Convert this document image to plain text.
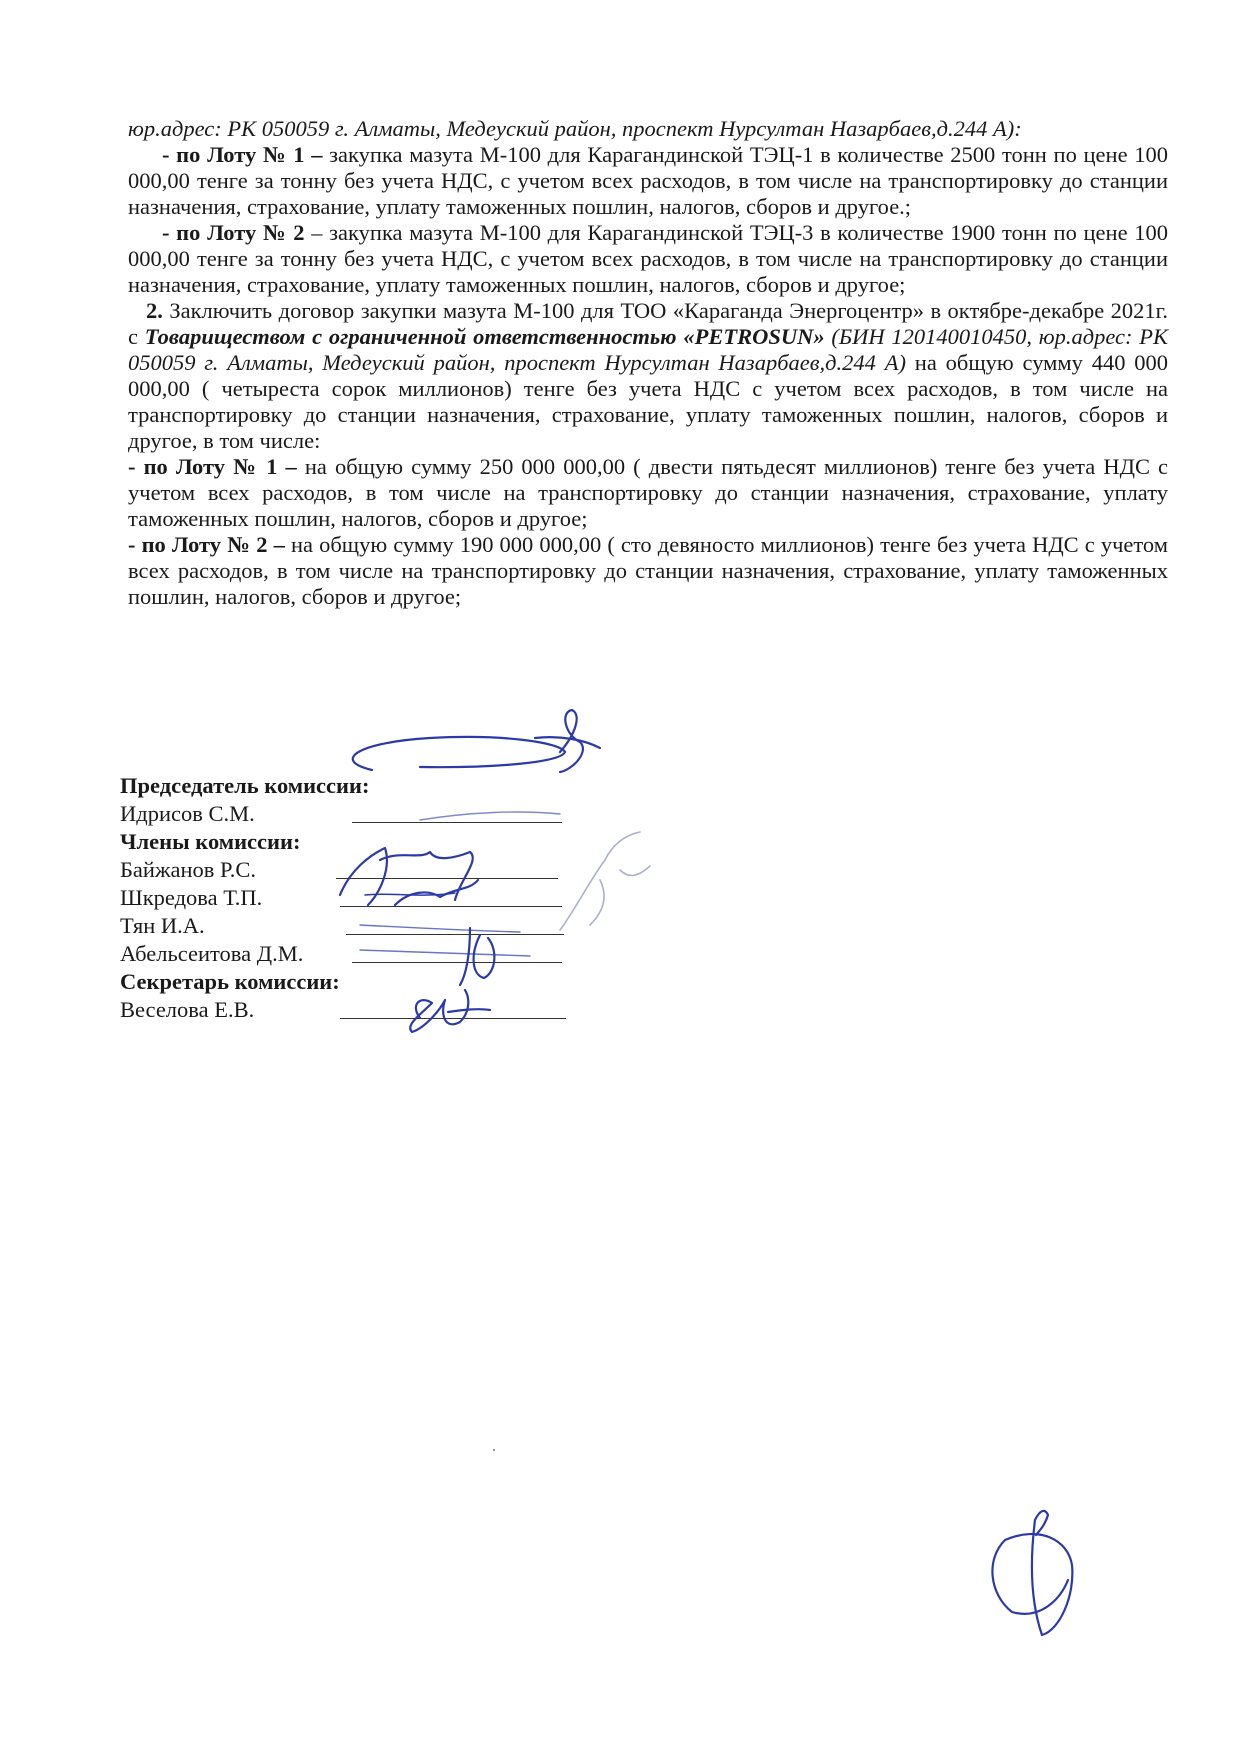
юр.адрес: РК 050059 г. Алматы, Медеуский район, проспект Нурсултан Назарбаев,д.244 А):

- по Лоту № 1 – закупка мазута М-100 для Карагандинской ТЭЦ-1 в количестве 2500 тонн по цене 100 000,00 тенге за тонну без учета НДС, с учетом всех расходов, в том числе на транспортировку до станции назначения, страхование, уплату таможенных пошлин, налогов, сборов и другое.;

- по Лоту № 2 – закупка мазута М-100 для Карагандинской ТЭЦ-3 в количестве 1900 тонн по цене 100 000,00 тенге за тонну без учета НДС, с учетом всех расходов, в том числе на транспортировку до станции назначения, страхование, уплату таможенных пошлин, налогов, сборов и другое;

2. Заключить договор закупки мазута М-100 для ТОО «Караганда Энергоцентр» в октябре-декабре 2021г. с Товариществом с ограниченной ответственностью «PETROSUN» (БИН 120140010450, юр.адрес: РК 050059 г. Алматы, Медеуский район, проспект Нурсултан Назарбаев,д.244 А) на общую сумму 440 000 000,00 ( четыреста сорок миллионов) тенге без учета НДС с учетом всех расходов, в том числе на транспортировку до станции назначения, страхование, уплату таможенных пошлин, налогов, сборов и другое, в том числе:

- по Лоту № 1 – на общую сумму 250 000 000,00 ( двести пятьдесят миллионов) тенге без учета НДС с учетом всех расходов, в том числе на транспортировку до станции назначения, страхование, уплату таможенных пошлин, налогов, сборов и другое;

- по Лоту № 2 – на общую сумму 190 000 000,00 ( сто девяносто миллионов) тенге без учета НДС с учетом всех расходов, в том числе на транспортировку до станции назначения, страхование, уплату таможенных пошлин, налогов, сборов и другое;

Председатель комиссии:
Идрисов С.М.
Члены комиссии:
Байжанов Р.С.
Шкредова Т.П.
Тян И.А.
Абельсеитова Д.М.
Секретарь комиссии:
Веселова Е.В.
